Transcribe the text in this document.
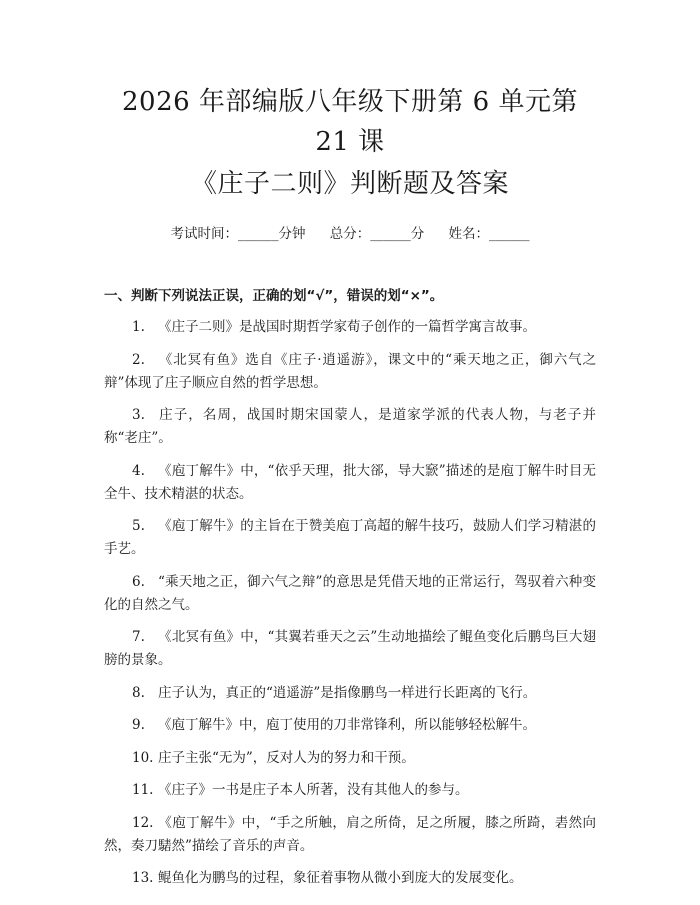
2026 年部编版八年级下册第 6 单元第 21 课
《庄子二则》判断题及答案
考试时间：______分钟 总分：______分 姓名：______
一、判断下列说法正误，正确的划“√”，错误的划“×”。
1. 《庄子二则》是战国时期哲学家荀子创作的一篇哲学寓言故事。
2. 《北冥有鱼》选自《庄子·逍遥游》，课文中的“乘天地之正，御六气之辩”体现了庄子顺应自然的哲学思想。
3. 庄子，名周，战国时期宋国蒙人，是道家学派的代表人物，与老子并称“老庄”。
4. 《庖丁解牛》中，“依乎天理，批大郤，导大窾”描述的是庖丁解牛时目无全牛、技术精湛的状态。
5. 《庖丁解牛》的主旨在于赞美庖丁高超的解牛技巧，鼓励人们学习精湛的手艺。
6. “乘天地之正，御六气之辩”的意思是凭借天地的正常运行，驾驭着六种变化的自然之气。
7. 《北冥有鱼》中，“其翼若垂天之云”生动地描绘了鲲鱼变化后鹏鸟巨大翅膀的景象。
8. 庄子认为，真正的“逍遥游”是指像鹏鸟一样进行长距离的飞行。
9. 《庖丁解牛》中，庖丁使用的刀非常锋利，所以能够轻松解牛。
10. 庄子主张“无为”，反对人为的努力和干预。
11. 《庄子》一书是庄子本人所著，没有其他人的参与。
12. 《庖丁解牛》中，“手之所触，肩之所倚，足之所履，膝之所踦，砉然向然，奏刀騞然”描绘了音乐的声音。
13. 鲲鱼化为鹏鸟的过程，象征着事物从微小到庞大的发展变化。
